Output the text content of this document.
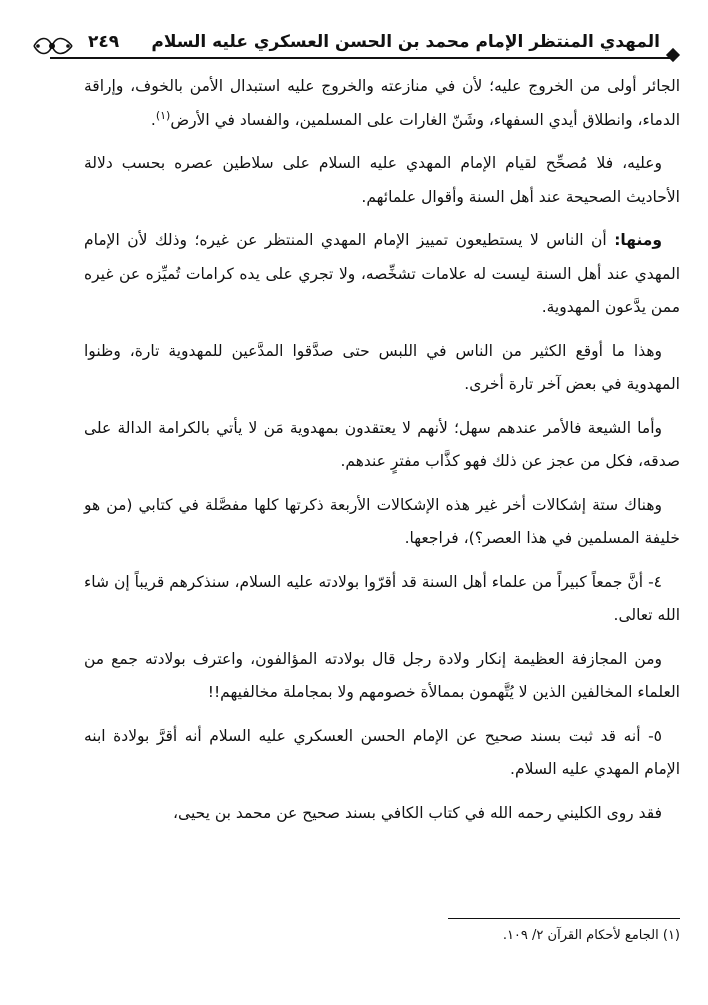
المهدي المنتظر الإمام محمد بن الحسن العسكري عليه السلام
٢٤٩

الجائر أولى من الخروج عليه؛ لأن في منازعته والخروج عليه استبدال الأمن بالخوف، وإراقة الدماء، وانطلاق أيدي السفهاء، وشَنّ الغارات على المسلمين، والفساد في الأرض$^{(١)}$.

وعليه، فلا مُصحِّح لقيام الإمام المهدي عليه السلام على سلاطين عصره بحسب دلالة الأحاديث الصحيحة عند أهل السنة وأقوال علمائهم.

ومنها: أن الناس لا يستطيعون تمييز الإمام المهدي المنتظر عن غيره؛ وذلك لأن الإمام المهدي عند أهل السنة ليست له علامات تشخِّصه، ولا تجري على يده كرامات تُميِّزه عن غيره ممن يدَّعون المهدوية.

وهذا ما أوقع الكثير من الناس في اللبس حتى صدَّقوا المدَّعين للمهدوية تارة، وظنوا المهدوية في بعض آخر تارة أخرى.

وأما الشيعة فالأمر عندهم سهل؛ لأنهم لا يعتقدون بمهدوية مَن لا يأتي بالكرامة الدالة على صدقه، فكل من عجز عن ذلك فهو كذَّاب مفترٍ عندهم.

وهناك ستة إشكالات أخر غير هذه الإشكالات الأربعة ذكرتها كلها مفصَّلة في كتابي (من هو خليفة المسلمين في هذا العصر؟)، فراجعها.

٤- أنَّ جمعاً كبيراً من علماء أهل السنة قد أقرّوا بولادته عليه السلام، سنذكرهم قريباً إن شاء الله تعالى.

ومن المجازفة العظيمة إنكار ولادة رجل قال بولادته المؤالفون، واعترف بولادته جمع من العلماء المخالفين الذين لا يُتَّهمون بممالأة خصومهم ولا بمجاملة مخالفيهم!!

٥- أنه قد ثبت بسند صحيح عن الإمام الحسن العسكري عليه السلام أنه أقرَّ بولادة ابنه الإمام المهدي عليه السلام.

فقد روى الكليني رحمه الله في كتاب الكافي بسند صحيح عن محمد بن يحيى،

(١) الجامع لأحكام القرآن ٢/ ١٠٩.
